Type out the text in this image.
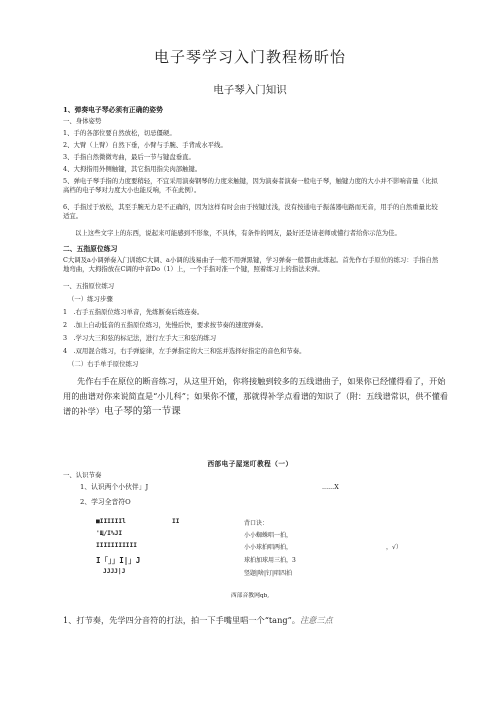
电子琴学习入门教程杨昕怡
电子琴入门知识
1、弹奏电子琴必须有正确的姿势
一、身体姿势
1、手的各部位要自然放松，切忌僵硬。
2、大臂（上臂）自然下垂，小臂与手腕、手背成水平线。
3、手指自然微微弯曲，最后一节与键盘垂直。
4、大拇指用外侧触键，其它指用指尖肉部触键。
5、弹电子琴手指的力度要稍轻，不宜采用演奏钢琴的力度来触键，因为演奏者演奏一般电子琴，触键力度的大小并不影响音量（比拟高档的电子琴对力度大小也能反响，不在此例）。
6、手指过于放松，其至手腕无力是不正确的，因为这样有时会由于按键过浅，没有按通电子振荡器电路而无音，用手的自然重量比较适宜。
以上这些文字上的东西，说起来可能感到不形象，不具体，有条件的网友，最好还是请老师或懂行者给你示范为佳。
二、五指原位练习
C大调及a小调弹奏入门训练C大调、a小调的浅易曲子一般不用弹黑键，学习弹奏一般都由此练起。首先作右手原位的练习：手指自然地弯曲，大拇指放在C调的中音Do（1）上，一个手指对准一个键，照着练习上的指法来弹。
一、五指原位练习
（一）练习步骤
1　.右手五指原位练习单音，先练断奏后练连奏。
2　.加上自动低音的五指原位练习，先慢后快，要求按节奏的速度弹奏。
3　.学习大三和弦的标记法，进行左手大三和弦的练习
4　.双用混合练习，右手弹旋律，左手弹指定的大三和弦并选择好指定的音色和节奏。
（二）右手单手原位练习
先作右手在原位的断音练习，从这里开始，你将接触到较多的五线谱曲子，如果你已经懂得看了，开始用的曲谱对你来说简直是“小儿科”；如果你不懂，那就得补学点看谱的知识了（附：五线谱常识，供不懂看谱的补学）电子琴的第一节课
西部电子屋迷叮教程（一）
一、认识节奏
1、认识两个小伙伴」J	......X
2、学习全音符O
■IIIIIIl	II	背口诀：
'Щ/I%JI	小小蜘蛛唱一拍，
IIIIIIIIIII	小小球拍唱两拍，	，√）
I「」」I|」J	球拍加球用三拍，3
JJJJ|J	竖题|啥|钉|唱四拍
西部音教网qb,
1、打节奏，先学四分音符的打法，拍一下手嘴里唱一个“tang”。注意三点
